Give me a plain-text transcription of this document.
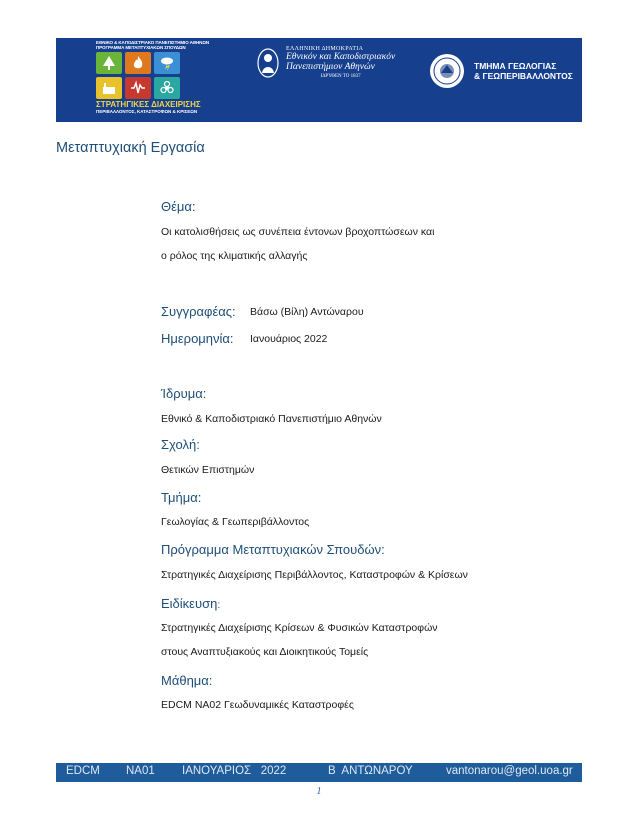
ΕΘΝΙΚΟ & ΚΑΠΟΔΙΣΤΡΙΑΚΟ ΠΑΝΕΠΙΣΤΗΜΙΟ ΑΘΗΝΩΝ
ΠΡΟΓΡΑΜΜΑ ΜΕΤΑΠΤΥΧΙΑΚΩΝ ΣΠΟΥΔΩΝ
ΣΤΡΑΤΗΓΙΚΕΣ ΔΙΑΧΕΙΡΙΣΗΣ
ΠΕΡΙΒΑΛΛΟΝΤΟΣ, ΚΑΤΑΣΤΡΟΦΩΝ & ΚΡΙΣΕΩΝ
ΕΛΛΗΝΙΚΗ ΔΗΜΟΚΡΑΤΙΑ
Εθνικόν και Καποδιστριακόν
Πανεπιστήμιον Αθηνών
ΙΔΡΥΘΕΝ ΤΟ 1837
ΤΜΗΜΑ ΓΕΩΛΟΓΙΑΣ
& ΓΕΩΠΕΡΙΒΑΛΛΟΝΤΟΣ
Μεταπτυχιακή Εργασία
Θέμα:
Οι κατολισθήσεις ως συνέπεια έντονων βροχοπτώσεων και
ο ρόλος της κλιματικής αλλαγής
Συγγραφέας: Βάσω (Βίλη) Αντώναρου
Ημερομηνία: Ιανουάριος 2022
Ίδρυμα:
Εθνικό & Καποδιστριακό Πανεπιστήμιο Αθηνών
Σχολή:
Θετικών Επιστημών
Τμήμα:
Γεωλογίας & Γεωπεριβάλλοντος
Πρόγραμμα Μεταπτυχιακών Σπουδών:
Στρατηγικές Διαχείρισης Περιβάλλοντος, Καταστροφών & Κρίσεων
Ειδίκευση:
Στρατηγικές Διαχείρισης Κρίσεων & Φυσικών Καταστροφών
στους Αναπτυξιακούς και Διοικητικούς Τομείς
Μάθημα:
EDCM NA02 Γεωδυναμικές Καταστροφές
EDCM NA01 ΙΑΝΟΥΑΡΙΟΣ   2022	Β  ΑΝΤΩΝΑΡΟΥ	vantonarou@geol.uoa.gr
1
